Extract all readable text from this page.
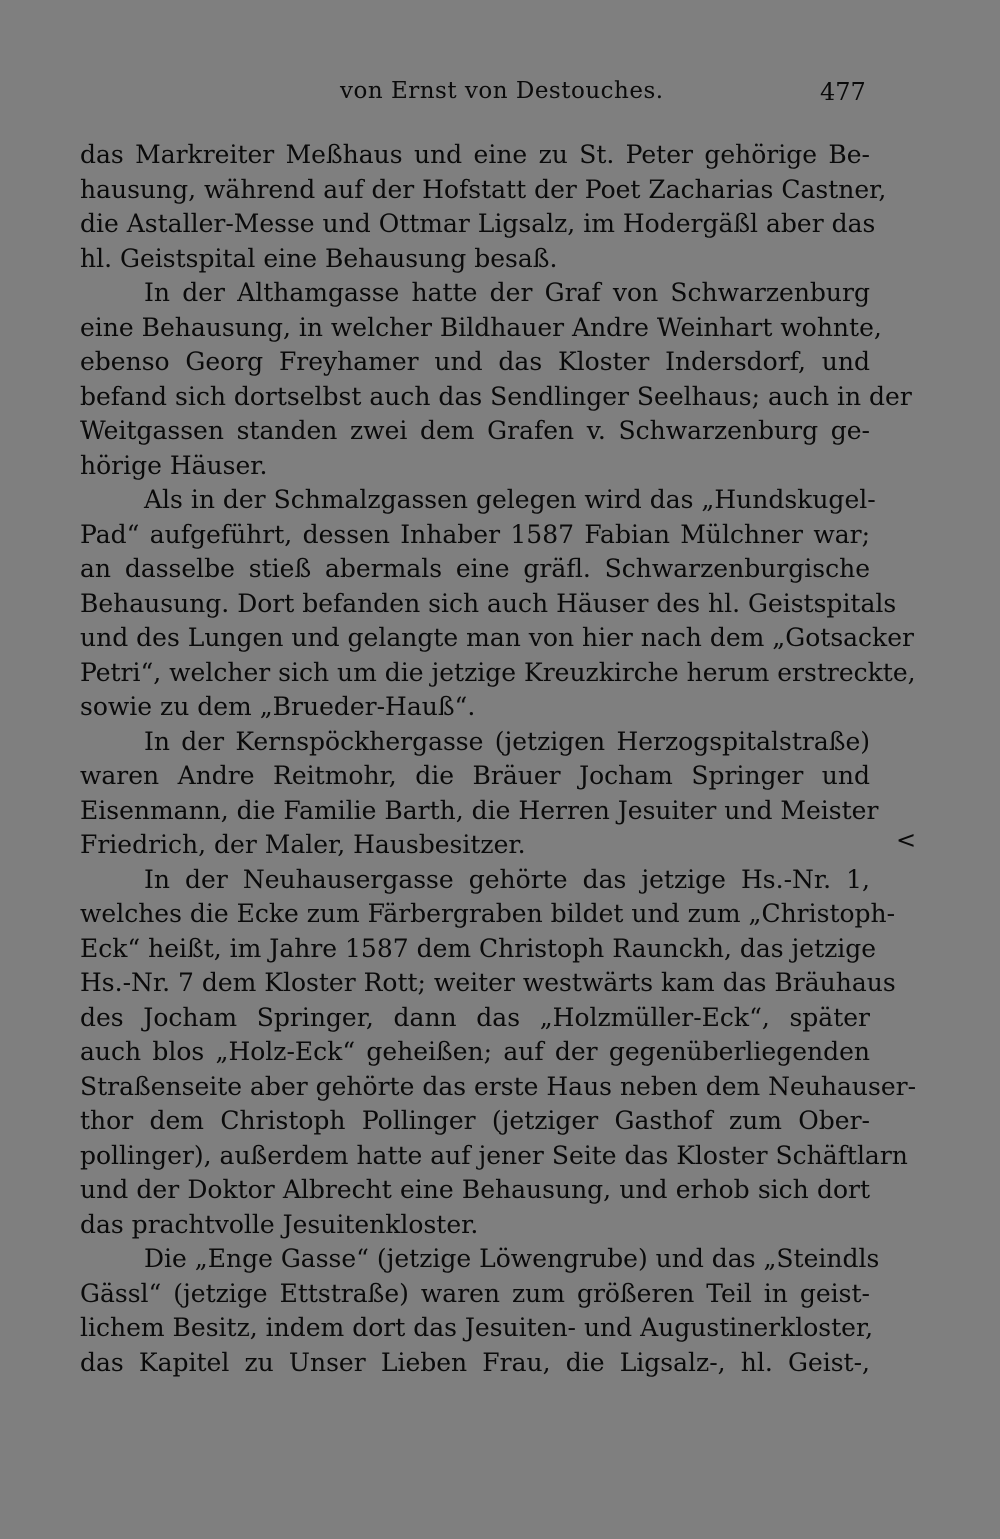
von Ernst von Destouches.	477
das Markreiter Meßhaus und eine zu St. Peter gehörige Be-
hausung, während auf der Hofstatt der Poet Zacharias Castner,
die Astaller-Messe und Ottmar Ligsalz, im Hodergäßl aber das
hl. Geistspital eine Behausung besaß.
In der Althamgasse hatte der Graf von Schwarzenburg
eine Behausung, in welcher Bildhauer Andre Weinhart wohnte,
ebenso Georg Freyhamer und das Kloster Indersdorf, und
befand sich dortselbst auch das Sendlinger Seelhaus; auch in der
Weitgassen standen zwei dem Grafen v. Schwarzenburg ge-
hörige Häuser.
Als in der Schmalzgassen gelegen wird das „Hundskugel-
Pad“ aufgeführt, dessen Inhaber 1587 Fabian Mülchner war;
an dasselbe stieß abermals eine gräfl. Schwarzenburgische
Behausung. Dort befanden sich auch Häuser des hl. Geistspitals
und des Lungen und gelangte man von hier nach dem „Gotsacker
Petri“, welcher sich um die jetzige Kreuzkirche herum erstreckte,
sowie zu dem „Brueder-Hauß“.
In der Kernspöckhergasse (jetzigen Herzogspitalstraße)
waren Andre Reitmohr, die Bräuer Jocham Springer und
Eisenmann, die Familie Barth, die Herren Jesuiter und Meister
Friedrich, der Maler, Hausbesitzer.
In der Neuhausergasse gehörte das jetzige Hs.-Nr. 1,
welches die Ecke zum Färbergraben bildet und zum „Christoph-
Eck“ heißt, im Jahre 1587 dem Christoph Raunckh, das jetzige
Hs.-Nr. 7 dem Kloster Rott; weiter westwärts kam das Bräuhaus
des Jocham Springer, dann das „Holzmüller-Eck“, später
auch blos „Holz-Eck“ geheißen; auf der gegenüberliegenden
Straßenseite aber gehörte das erste Haus neben dem Neuhauser-
thor dem Christoph Pollinger (jetziger Gasthof zum Ober-
pollinger), außerdem hatte auf jener Seite das Kloster Schäftlarn
und der Doktor Albrecht eine Behausung, und erhob sich dort
das prachtvolle Jesuitenkloster.
Die „Enge Gasse“ (jetzige Löwengrube) und das „Steindls
Gässl“ (jetzige Ettstraße) waren zum größeren Teil in geist-
lichem Besitz, indem dort das Jesuiten- und Augustinerkloster,
das Kapitel zu Unser Lieben Frau, die Ligsalz-, hl. Geist-,
<
